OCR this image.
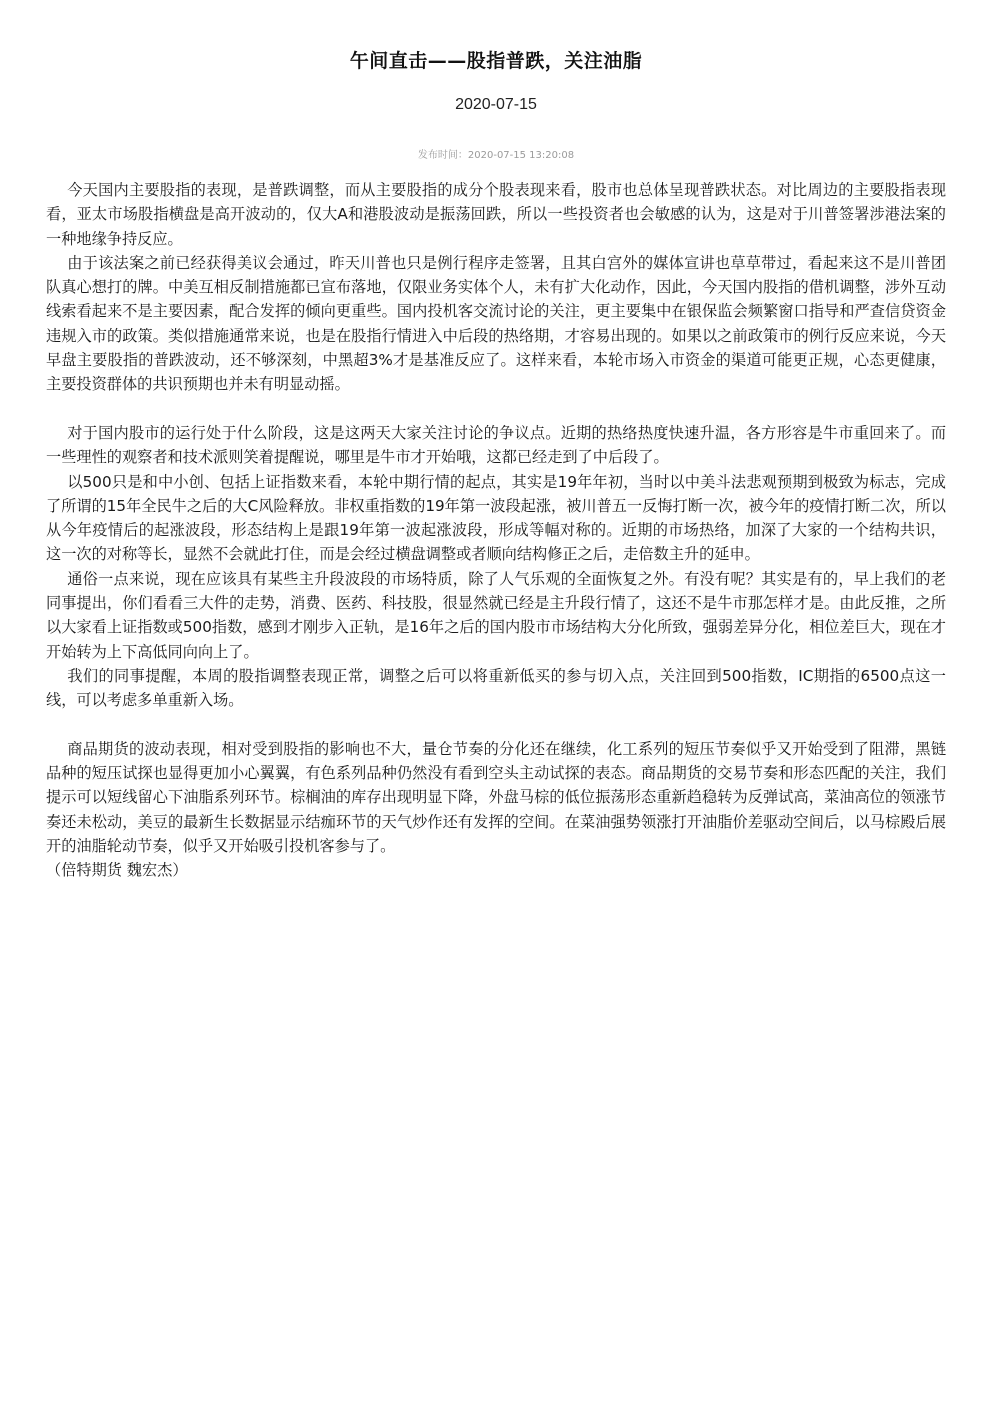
午间直击——股指普跌，关注油脂
2020-07-15
发布时间：2020-07-15 13:20:08

今天国内主要股指的表现，是普跌调整，而从主要股指的成分个股表现来看，股市也总体呈现普跌状态。对比周边的主要股指表现看，亚太市场股指横盘是高开波动的，仅大A和港股波动是振荡回跌，所以一些投资者也会敏感的认为，这是对于川普签署涉港法案的一种地缘争持反应。

由于该法案之前已经获得美议会通过，昨天川普也只是例行程序走签署，且其白宫外的媒体宣讲也草草带过，看起来这不是川普团队真心想打的牌。中美互相反制措施都已宣布落地，仅限业务实体个人，未有扩大化动作，因此，今天国内股指的借机调整，涉外互动线索看起来不是主要因素，配合发挥的倾向更重些。国内投机客交流讨论的关注，更主要集中在银保监会频繁窗口指导和严查信贷资金违规入市的政策。类似措施通常来说，也是在股指行情进入中后段的热络期，才容易出现的。如果以之前政策市的例行反应来说，今天早盘主要股指的普跌波动，还不够深刻，中黑超3%才是基准反应了。这样来看，本轮市场入市资金的渠道可能更正规，心态更健康，主要投资群体的共识预期也并未有明显动摇。

对于国内股市的运行处于什么阶段，这是这两天大家关注讨论的争议点。近期的热络热度快速升温，各方形容是牛市重回来了。而一些理性的观察者和技术派则笑着提醒说，哪里是牛市才开始哦，这都已经走到了中后段了。

以500只是和中小创、包括上证指数来看，本轮中期行情的起点，其实是19年年初，当时以中美斗法悲观预期到极致为标志，完成了所谓的15年全民牛之后的大C风险释放。非权重指数的19年第一波段起涨，被川普五一反悔打断一次，被今年的疫情打断二次，所以从今年疫情后的起涨波段，形态结构上是跟19年第一波起涨波段，形成等幅对称的。近期的市场热络，加深了大家的一个结构共识，这一次的对称等长，显然不会就此打住，而是会经过横盘调整或者顺向结构修正之后，走倍数主升的延申。

通俗一点来说，现在应该具有某些主升段波段的市场特质，除了人气乐观的全面恢复之外。有没有呢？其实是有的，早上我们的老同事提出，你们看看三大件的走势，消费、医药、科技股，很显然就已经是主升段行情了，这还不是牛市那怎样才是。由此反推，之所以大家看上证指数或500指数，感到才刚步入正轨，是16年之后的国内股市市场结构大分化所致，强弱差异分化，相位差巨大，现在才开始转为上下高低同向向上了。

我们的同事提醒，本周的股指调整表现正常，调整之后可以将重新低买的参与切入点，关注回到500指数，IC期指的6500点这一线，可以考虑多单重新入场。

商品期货的波动表现，相对受到股指的影响也不大，量仓节奏的分化还在继续，化工系列的短压节奏似乎又开始受到了阻滞，黑链品种的短压试探也显得更加小心翼翼，有色系列品种仍然没有看到空头主动试探的表态。商品期货的交易节奏和形态匹配的关注，我们提示可以短线留心下油脂系列环节。棕榈油的库存出现明显下降，外盘马棕的低位振荡形态重新趋稳转为反弹试高，菜油高位的领涨节奏还未松动，美豆的最新生长数据显示结痂环节的天气炒作还有发挥的空间。在菜油强势领涨打开油脂价差驱动空间后，以马棕殿后展开的油脂轮动节奏，似乎又开始吸引投机客参与了。

（倍特期货 魏宏杰）
